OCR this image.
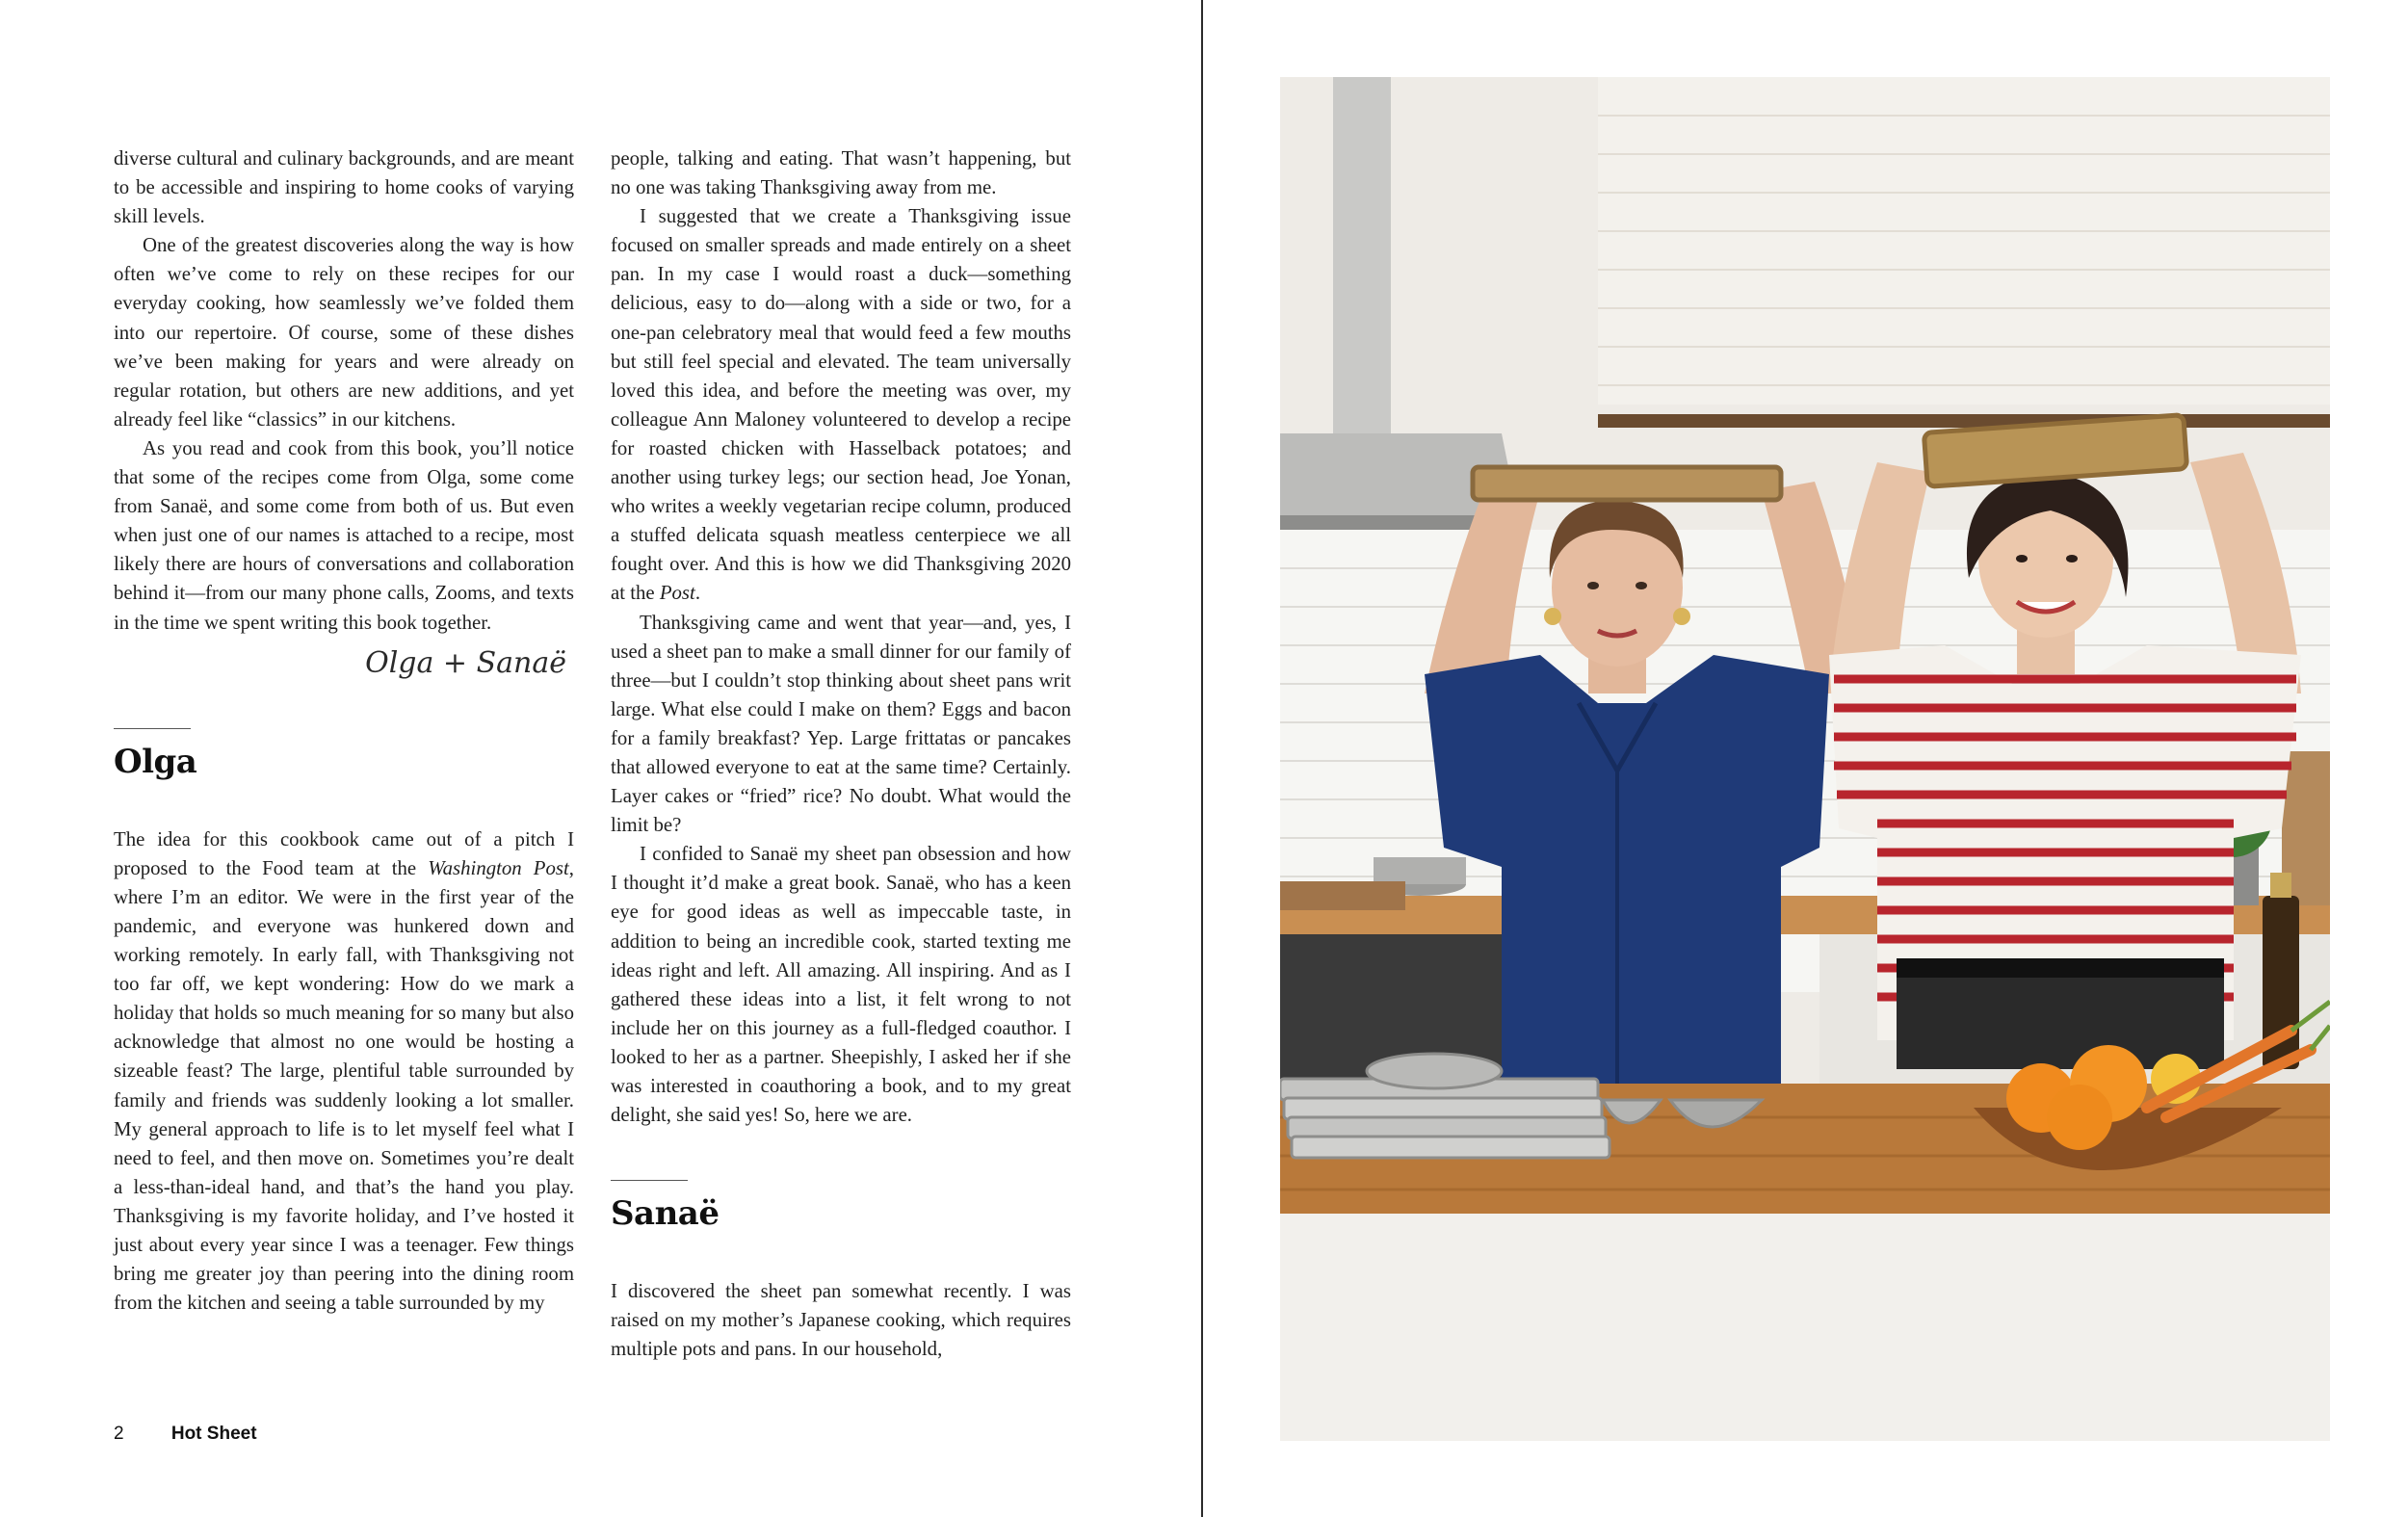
diverse cultural and culinary backgrounds, and are meant to be accessible and inspiring to home cooks of varying skill levels.

One of the greatest discoveries along the way is how often we’ve come to rely on these recipes for our everyday cooking, how seamlessly we’ve folded them into our repertoire. Of course, some of these dishes we’ve been making for years and were already on regular rotation, but others are new additions, and yet already feel like “classics” in our kitchens.

As you read and cook from this book, you’ll notice that some of the recipes come from Olga, some come from Sanaë, and some come from both of us. But even when just one of our names is attached to a recipe, most likely there are hours of conversations and collaboration behind it—from our many phone calls, Zooms, and texts in the time we spent writing this book together.

Olga + Sanaë
Olga

The idea for this cookbook came out of a pitch I proposed to the Food team at the Washington Post, where I’m an editor. We were in the first year of the pandemic, and everyone was hunkered down and working remotely. In early fall, with Thanksgiving not too far off, we kept wondering: How do we mark a holiday that holds so much meaning for so many but also acknowledge that almost no one would be hosting a sizeable feast? The large, plentiful table surrounded by family and friends was suddenly looking a lot smaller. My general approach to life is to let myself feel what I need to feel, and then move on. Sometimes you’re dealt a less-than-ideal hand, and that’s the hand you play. Thanksgiving is my favorite holiday, and I’ve hosted it just about every year since I was a teenager. Few things bring me greater joy than peering into the dining room from the kitchen and seeing a table surrounded by my

people, talking and eating. That wasn’t happening, but no one was taking Thanksgiving away from me.

I suggested that we create a Thanksgiving issue focused on smaller spreads and made entirely on a sheet pan. In my case I would roast a duck—something delicious, easy to do—along with a side or two, for a one-pan celebratory meal that would feed a few mouths but still feel special and elevated. The team universally loved this idea, and before the meeting was over, my colleague Ann Maloney volunteered to develop a recipe for roasted chicken with Hasselback potatoes; and another using turkey legs; our section head, Joe Yonan, who writes a weekly vegetarian recipe column, produced a stuffed delicata squash meatless centerpiece we all fought over. And this is how we did Thanksgiving 2020 at the Post.

Thanksgiving came and went that year—and, yes, I used a sheet pan to make a small dinner for our family of three—but I couldn’t stop thinking about sheet pans writ large. What else could I make on them? Eggs and bacon for a family breakfast? Yep. Large frittatas or pancakes that allowed everyone to eat at the same time? Certainly. Layer cakes or “fried” rice? No doubt. What would the limit be?

I confided to Sanaë my sheet pan obsession and how I thought it’d make a great book. Sanaë, who has a keen eye for good ideas as well as impeccable taste, in addition to being an incredible cook, started texting me ideas right and left. All amazing. All inspiring. And as I gathered these ideas into a list, it felt wrong to not include her on this journey as a full-fledged coauthor. I looked to her as a partner. Sheepishly, I asked her if she was interested in coauthoring a book, and to my great delight, she said yes! So, here we are.

Sanaë

I discovered the sheet pan somewhat recently. I was raised on my mother’s Japanese cooking, which requires multiple pots and pans. In our household,

2	Hot Sheet
